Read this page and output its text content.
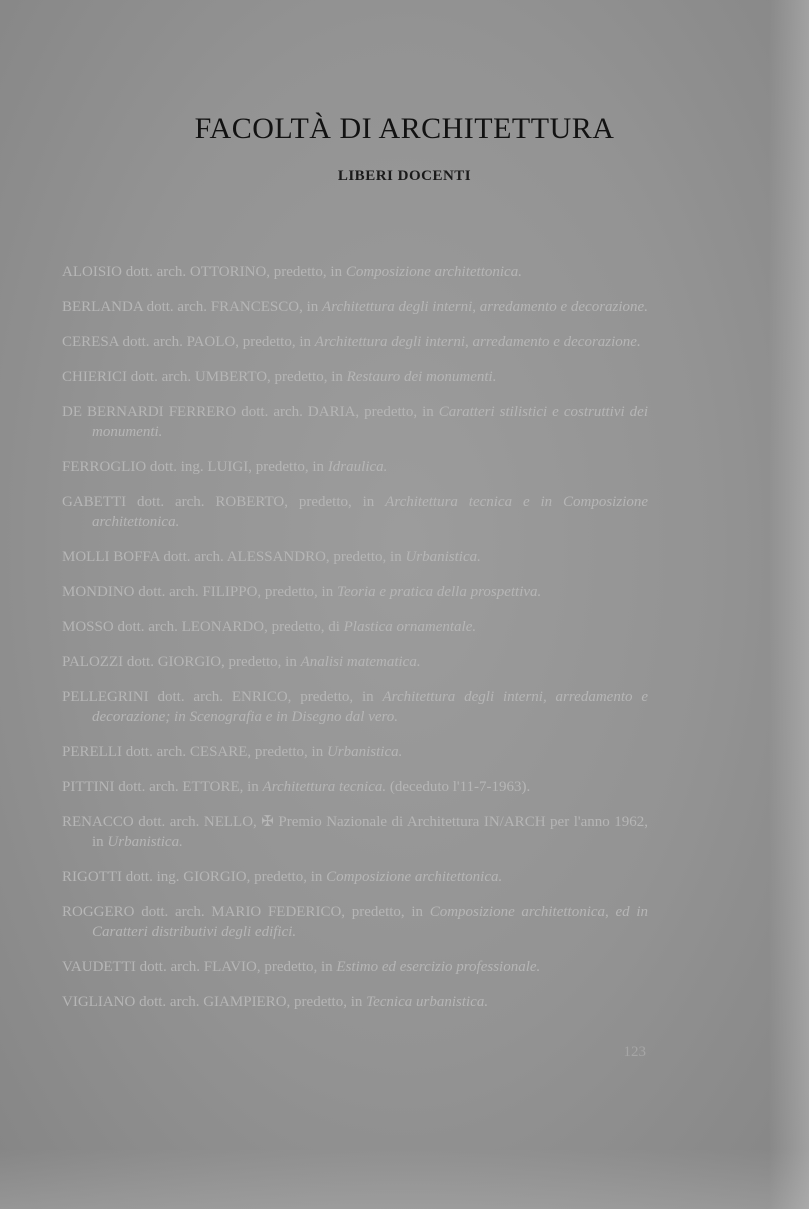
FACOLTÀ DI ARCHITETTURA
LIBERI DOCENTI

ALOISIO dott. arch. OTTORINO, predetto, in Composizione architettonica.

BERLANDA dott. arch. FRANCESCO, in Architettura degli interni, arredamento e decorazione.

CERESA dott. arch. PAOLO, predetto, in Architettura degli interni, arredamento e decorazione.

CHIERICI dott. arch. UMBERTO, predetto, in Restauro dei monumenti.

DE BERNARDI FERRERO dott. arch. DARIA, predetto, in Caratteri stilistici e costruttivi dei monumenti.

FERROGLIO dott. ing. LUIGI, predetto, in Idraulica.

GABETTI dott. arch. ROBERTO, predetto, in Architettura tecnica e in Composizione architettonica.

MOLLI BOFFA dott. arch. ALESSANDRO, predetto, in Urbanistica.

MONDINO dott. arch. FILIPPO, predetto, in Teoria e pratica della prospettiva.

MOSSO dott. arch. LEONARDO, predetto, di Plastica ornamentale.

PALOZZI dott. GIORGIO, predetto, in Analisi matematica.

PELLEGRINI dott. arch. ENRICO, predetto, in Architettura degli interni, arredamento e decorazione; in Scenografia e in Disegno dal vero.

PERELLI dott. arch. CESARE, predetto, in Urbanistica.

PITTINI dott. arch. ETTORE, in Architettura tecnica. (deceduto l'11-7-1963).

RENACCO dott. arch. NELLO, ✠ Premio Nazionale di Architettura IN/ARCH per l'anno 1962, in Urbanistica.

RIGOTTI dott. ing. GIORGIO, predetto, in Composizione architettonica.

ROGGERO dott. arch. MARIO FEDERICO, predetto, in Composizione architettonica, ed in Caratteri distributivi degli edifici.

VAUDETTI dott. arch. FLAVIO, predetto, in Estimo ed esercizio professionale.

VIGLIANO dott. arch. GIAMPIERO, predetto, in Tecnica urbanistica.

123
